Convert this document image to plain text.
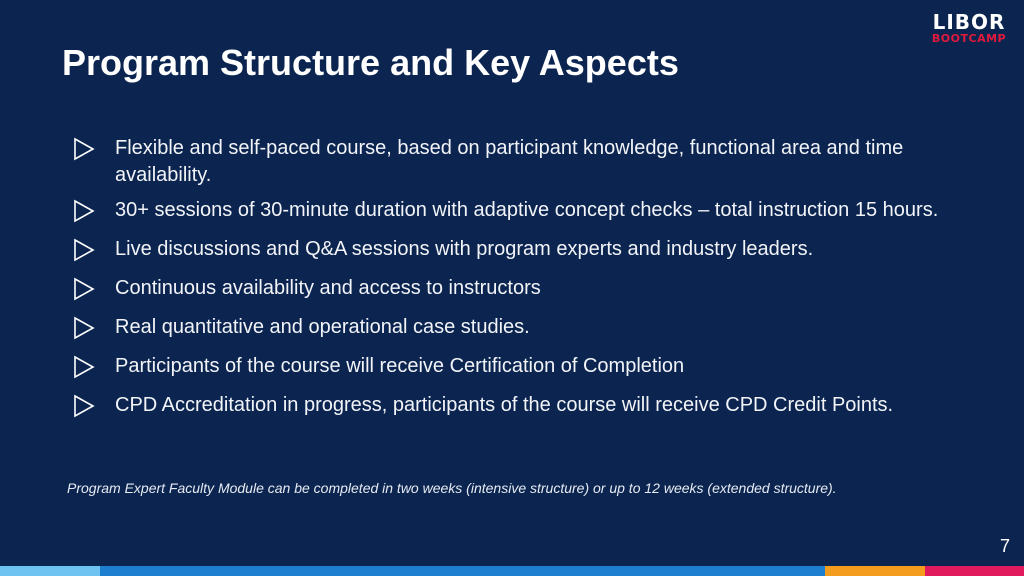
LIBOR
BOOTCAMP
Program Structure and Key Aspects
Flexible and self-paced course, based on participant knowledge, functional area and time availability.
30+ sessions of 30-minute duration with adaptive concept checks – total instruction 15 hours.
Live discussions and Q&A sessions with program experts and industry leaders.
Continuous availability and access to instructors
Real quantitative and operational case studies.
Participants of the course will receive Certification of Completion
CPD Accreditation in progress, participants of the course will receive CPD Credit Points.

Program Expert Faculty Module can be completed in two weeks (intensive structure) or up to 12 weeks (extended structure).

7
